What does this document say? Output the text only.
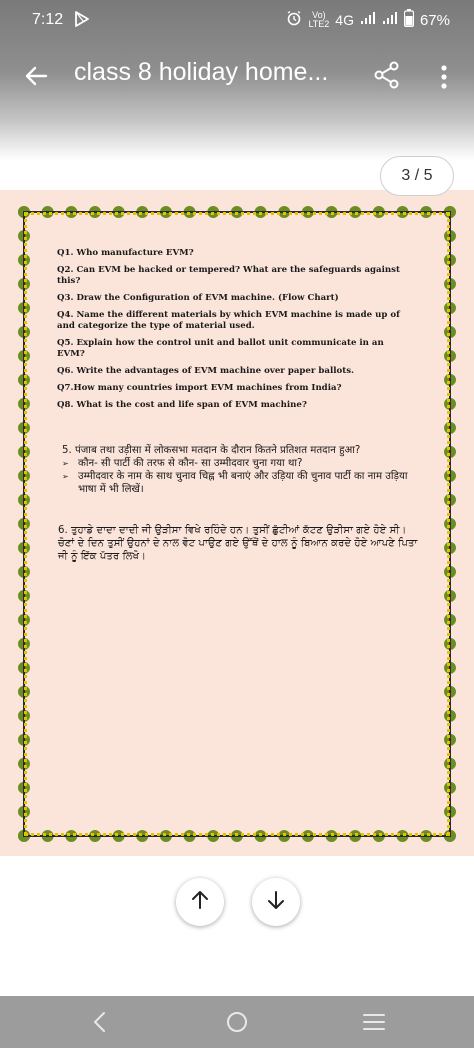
7:12	Vo)
LTE2 4G	67%
class 8 holiday home...
Q1. Who manufacture EVM?
Q2. Can EVM be hacked or tempered? What are the safeguards against this?
Q3. Draw the Configuration of EVM machine. (Flow Chart)
Q4. Name the different materials by which EVM machine is made up of and categorize the type of material used.
Q5. Explain how the control unit and ballot unit communicate in an EVM?
Q6. Write the advantages of EVM machine over paper ballots.
Q7.How many countries import EVM machines from India?
Q8. What is the cost and life span of EVM machine?
5. पंजाब तथा उड़ीसा में लोकसभा मतदान के दौरान कितने प्रतिशत मतदान हुआ?
➢ कौन- सी पार्टी की तरफ से कौन- सा उम्मीदवार चुना गया था?
➢ उम्मीदवार के नाम के साथ चुनाव चिह्न भी बनाएं और उड़िया की चुनाव पार्टी का नाम उड़िया भाषा में भी लिखें।
6. ਤੁਹਾਡੇ ਦਾਦਾ ਦਾਦੀ ਜੀ ਉੜੀਸਾ ਵਿਖੇ ਰਹਿੰਦੇ ਹਨ। ਤੁਸੀਂ ਛੁੱਟੀਆਂ ਕੱਟਣ ਉੜੀਸਾ ਗਏ ਹੋਏ ਸੀ। ਚੋਣਾਂ ਦੇ ਦਿਨ ਤੁਸੀਂ ਉਹਨਾਂ ਦੇ ਨਾਲ ਵੋਟ ਪਾਉਣ ਗਏ ਉੱਥੋਂ ਦੇ ਹਾਲ ਨੂੰ ਬਿਆਨ ਕਰਦੇ ਹੋਏ ਆਪਣੇ ਪਿਤਾ ਜੀ ਨੂੰ ਇੱਕ ਪੱਤਰ ਲਿਖੋ।
3 / 5
